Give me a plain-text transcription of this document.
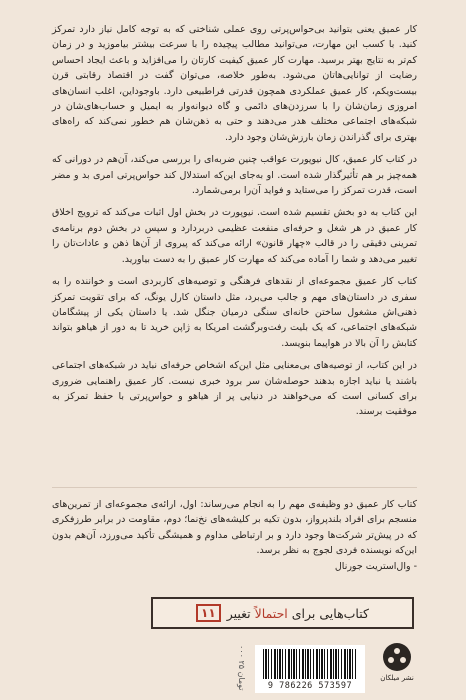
کار عمیق یعنی بتوانید بی‌حواس‌پرتی روی عملی شناختی که به توجه کامل نیاز دارد تمرکز کنید. با کسب این مهارت، می‌توانید مطالب پیچیده را با سرعت بیشتر بیاموزید و در زمان کم‌تر به نتایج بهتر برسید. مهارت کار عمیق کیفیت کارتان را می‌افزاید و باعث ایجاد احساس رضایت از توانایی‌هاتان می‌شود. به‌طور خلاصه، می‌توان گفت در اقتصاد رقابتی قرن بیست‌ویکم، کار عمیق عملکردی همچون قدرتی فراطبیعی دارد. با‌وجوداین، اغلب انسان‌های امروزی زمان‌شان را با سرزدن‌های دائمی و گاه دیوانه‌وار به ایمیل و حساب‌های‌شان در شبکه‌های اجتماعی مختلف هدر می‌دهند و حتی به ذهن‌شان هم خطور نمی‌کند که راه‌های بهتری برای گذراندن زمان بارزش‌شان وجود دارد.

در کتاب کار عمیق، کال نیوپورت عواقب چنین ضربه‌ای را بررسی می‌کند، آن‌هم در دورانی که همه‌چیز بر هم تأثیرگذار شده است. او به‌جای این‌که استدلال کند حواس‌پرتی امری بد و مضر است، قدرت تمرکز را می‌ستاید و فواید آن‌را برمی‌شمارد.

این کتاب به دو بخش تقسیم شده است. نیوپورت در بخش اول اثبات می‌کند که ترویج اخلاق کار عمیق در هر شغل و حرفه‌ای منفعت عظیمی دربردارد و سپس در بخش دوم برنامه‌ی تمرینی دقیقی را در قالب «چهار قانون» ارائه می‌کند که پیروی از آن‌ها ذهن و عادات‌تان را تغییر می‌دهد و شما را آماده می‌کند که مهارت کار عمیق را به دست بیاورید.

کتاب کار عمیق مجموعه‌ای از نقدهای فرهنگی و توصیه‌های کاربردی است و خواننده را به سفری در داستان‌های مهم و جالب می‌برد، مثل داستان کارل یونگ، که برای تقویت تمرکز ذهنی‌اش مشغول ساختن خانه‌ای سنگی درمیان جنگل شد. یا داستان یکی از پیشگامان شبکه‌های اجتماعی، که یک بلیت رفت‌وبرگشت امریکا به ژاپن خرید تا به دور از هیاهو بتواند کتابش را آن بالا در هواپیما بنویسد.

در این کتاب، از توصیه‌های بی‌معنایی مثل این‌که اشخاص حرفه‌ای نباید در شبکه‌های اجتماعی باشند یا نباید اجازه بدهند حوصله‌شان سر برود خبری نیست. کار عمیق راهنمایی ضروری برای کسانی است که می‌خواهند در دنیایی پر از هیاهو و حواس‌پرتی با حفظ تمرکز به موفقیت برسند.

کتاب کار عمیق دو وظیفه‌ی مهم را به انجام می‌رساند: اول، ارائه‌ی مجموعه‌ای از تمرین‌های منسجم برای افراد بلندپرواز، بدون تکیه بر کلیشه‌های نخ‌نما؛ دوم، مقاومت در برابر طرزفکری که در پیش‌تر شرکت‌ها وجود دارد و بر ارتباطی مداوم و همیشگی تأکید می‌ورزد، آن‌هم بدون این‌که نویسنده فردی لجوج به نظر برسد.

- وال‌استریت جورنال

کتاب‌هایی برای احتمالاً تغییر
۱۱
۰۰۰ تومان ۲۵	9 786226 573597
نشر میلکان
